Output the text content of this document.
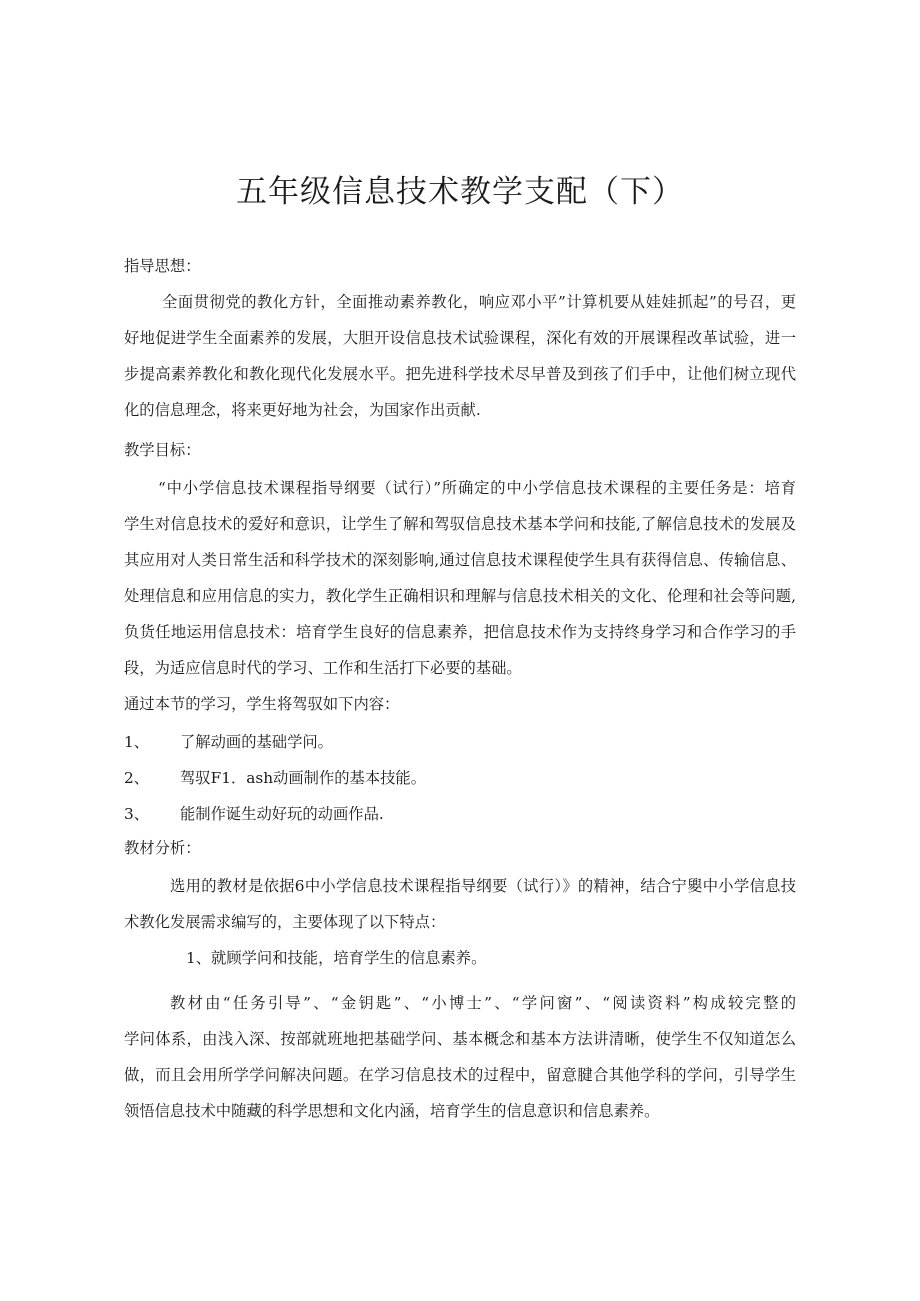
五年级信息技术教学支配（下）
指导思想：
全面贯彻党的教化方针，全面推动素养教化，响应邓小平”计算机要从娃娃抓起”的号召，更
好地促进学生全面素养的发展，大胆开设信息技术试验课程，深化有效的开展课程改革试验，进一
步提高素养教化和教化现代化发展水平。把先进科学技术尽早普及到孩了们手中，让他们树立现代
化的信息理念，将来更好地为社会，为国家作出贡献.
教学目标：
“中小学信息技术课程指导纲要（试行）”所确定的中小学信息技术课程的主要任务是：培育
学生对信息技术的爱好和意识，让学生了解和驾驭信息技术基本学问和技能,了解信息技术的发展及
其应用对人类日常生活和科学技术的深刻影响,通过信息技术课程使学生具有获得信息、传输信息、
处理信息和应用信息的实力，教化学生正确相识和理解与信息技术相关的文化、伦理和社会等问题,
负货任地运用信息技术：培育学生良好的信息素养，把信息技术作为支持终身学习和合作学习的手
段，为适应信息时代的学习、工作和生活打下必要的基础。
通过本节的学习，学生将驾驭如下内容：
1、 了解动画的基础学问。
2、 驾驭F1．ash动画制作的基本技能。
3、 能制作诞生动好玩的动画作品.
教材分析：
选用的教材是依据6中小学信息技术课程指导纲要（试行）》的精神，结合宁夓中小学信息技
术教化发展需求编写的，主要体现了以下特点：
1、就顾学问和技能，培育学生的信息素养。
教材由“任务引导”、“金钥匙”、“小博士”、“学问窗”、“阅读资料”构成较完整的
学问体系，由浅入深、按部就班地把基础学问、基本概念和基本方法讲清晰，使学生不仅知道怎么
做，而且会用所学学问解决问题。在学习信息技术的过程中，留意腱合其他学科的学问，引导学生
领悟信息技术中随藏的科学思想和文化内涵，培育学生的信息意识和信息素养。
